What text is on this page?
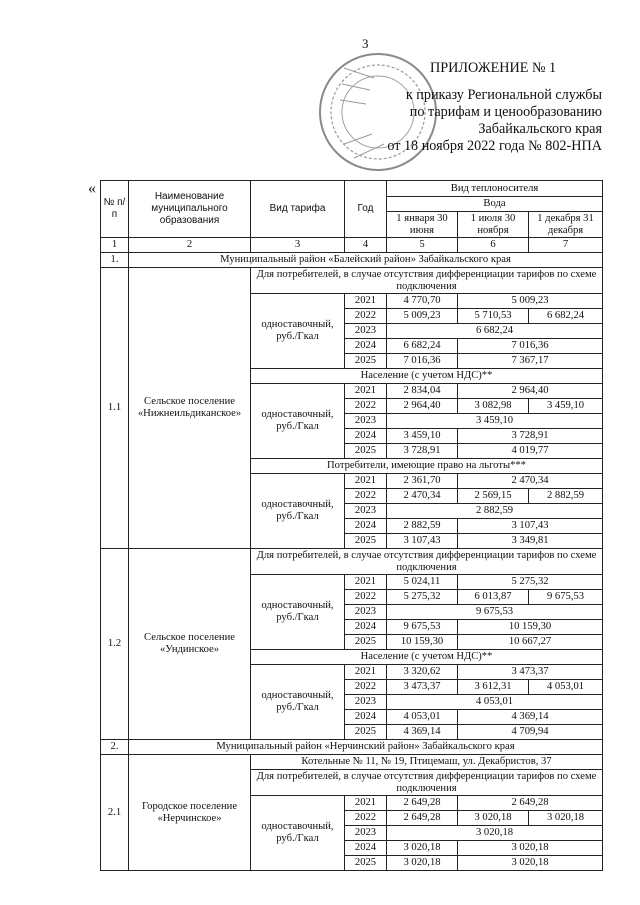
3
ПРИЛОЖЕНИЕ № 1
к приказу Региональной службы
по тарифам и ценообразованию
Забайкальского края
от 18 ноября 2022 года № 802-НПА
«
№ п/п	Наименование муниципального образования	Вид тарифа	Год	Вид теплоносителя		
				Вода		
				1 января 30 июня	1 июля 30 ноября	1 декабря 31 декабря
1	2	3	4	5	6	7
1.	Муниципальный район «Балейский район» Забайкальского края					
1.1	Сельское поселение «Нижнеильдиканское»	Для потребителей, в случае отсутствия дифференциации тарифов по схеме подключения				
		одноставочный, руб./Гкал	2021	4 770,70	5 009,23	
			2022	5 009,23	5 710,53	6 682,24
			2023	6 682,24		
			2024	6 682,24	7 016,36	
			2025	7 016,36	7 367,17	
		Население (с учетом НДС)**				
		одноставочный, руб./Гкал	2021	2 834,04	2 964,40	
			2022	2 964,40	3 082,98	3 459,10
			2023	3 459,10		
			2024	3 459,10	3 728,91	
			2025	3 728,91	4 019,77	
		Потребители, имеющие право на льготы***				
		одноставочный, руб./Гкал	2021	2 361,70	2 470,34	
			2022	2 470,34	2 569,15	2 882,59
			2023	2 882,59		
			2024	2 882,59	3 107,43	
			2025	3 107,43	3 349,81	
1.2	Сельское поселение «Ундинское»	Для потребителей, в случае отсутствия дифференциации тарифов по схеме подключения				
		одноставочный, руб./Гкал	2021	5 024,11	5 275,32	
			2022	5 275,32	6 013,87	9 675,53
			2023	9 675,53		
			2024	9 675,53	10 159,30	
			2025	10 159,30	10 667,27	
		Население (с учетом НДС)**				
		одноставочный, руб./Гкал	2021	3 320,62	3 473,37	
			2022	3 473,37	3 612,31	4 053,01
			2023	4 053,01		
			2024	4 053,01	4 369,14	
			2025	4 369,14	4 709,94	
2.	Муниципальный район «Нерчинский район» Забайкальского края					
2.1	Городское поселение «Нерчинское»	Котельные № 11, № 19, Птицемаш, ул. Декабристов, 37				
		Для потребителей, в случае отсутствия дифференциации тарифов по схеме подключения				
		одноставочный, руб./Гкал	2021	2 649,28	2 649,28	
			2022	2 649,28	3 020,18	3 020,18
			2023	3 020,18		
			2024	3 020,18	3 020,18	
			2025	3 020,18	3 020,18	
